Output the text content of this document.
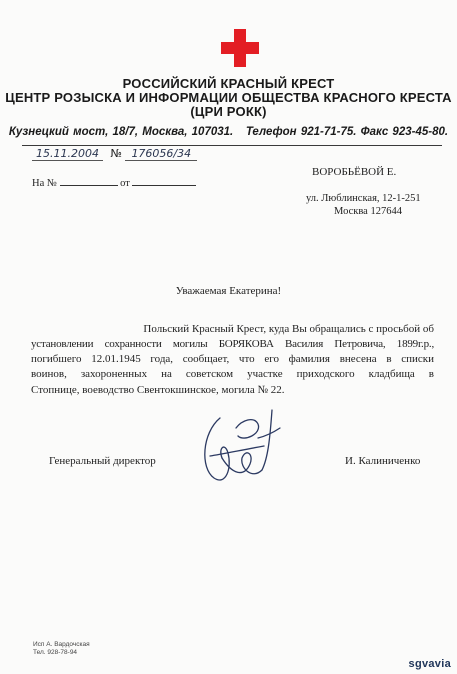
РОССИЙСКИЙ КРАСНЫЙ КРЕСТ
ЦЕНТР РОЗЫСКА И ИНФОРМАЦИИ ОБЩЕСТВА КРАСНОГО КРЕСТА
(ЦРИ РОКК)
Кузнецкий мост, 18/7, Москва, 107031.   Телефон 921-71-75. Факс 923-45-80.
15.11.2004 № 176056/34
На №	от
ВОРОБЬЁВОЙ Е.
ул. Люблинская, 12-1-251
Москва 127644
Уважаемая Екатерина!
Польский Красный Крест, куда Вы обращались с просьбой об
установлении сохранности могилы БОРЯКОВА Василия Петровича, 1899г.р.,
погибшего 12.01.1945 года, сообщает, что его фамилия внесена в списки
воинов, захороненных на советском участке приходского кладбища в
Стопнице, воеводство Свентокшинское, могила № 22.
Генеральный директор	И. Калиниченко
Исп А. Вардочская
Тел. 928-78-94
sgvavia
